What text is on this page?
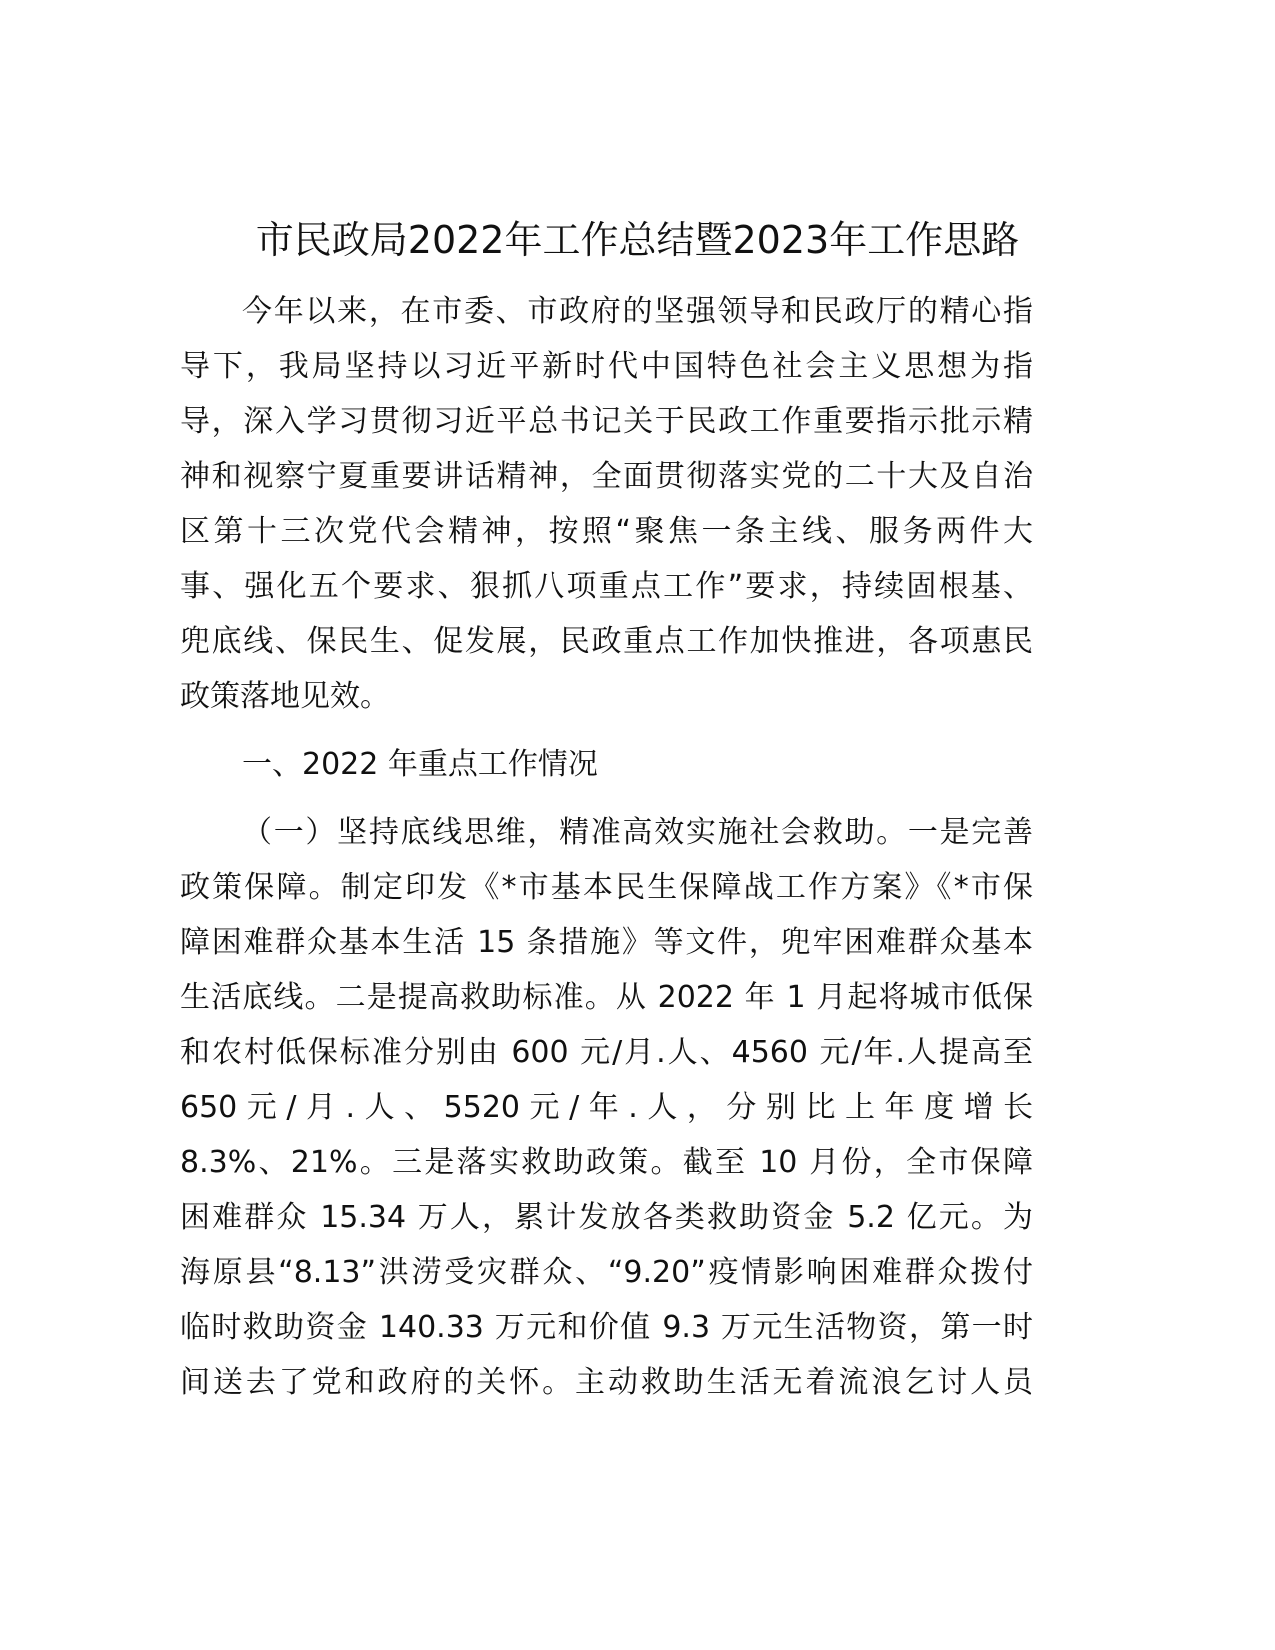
市民政局2022年工作总结暨2023年工作思路
今年以来，在市委、市政府的坚强领导和民政厅的精心指
导下，我局坚持以习近平新时代中国特色社会主义思想为指
导，深入学习贯彻习近平总书记关于民政工作重要指示批示精
神和视察宁夏重要讲话精神，全面贯彻落实党的二十大及自治
区第十三次党代会精神，按照“聚焦一条主线、服务两件大
事、强化五个要求、狠抓八项重点工作”要求，持续固根基、
兜底线、保民生、促发展，民政重点工作加快推进，各项惠民
政策落地见效。
一、2022 年重点工作情况
（一）坚持底线思维，精准高效实施社会救助。一是完善
政策保障。制定印发《*市基本民生保障战工作方案》《*市保
障困难群众基本生活 15 条措施》等文件，兜牢困难群众基本
生活底线。二是提高救助标准。从 2022 年 1 月起将城市低保
和农村低保标准分别由 600 元/月.人、4560 元/年.人提高至
650 元 / 月 . 人 、 5520 元 / 年 . 人 ， 分 别 比 上 年 度 增 长
8.3%、21%。三是落实救助政策。截至 10 月份，全市保障
困难群众 15.34 万人，累计发放各类救助资金 5.2 亿元。为
海原县“8.13”洪涝受灾群众、“9.20”疫情影响困难群众拨付
临时救助资金 140.33 万元和价值 9.3 万元生活物资，第一时
间送去了党和政府的关怀。主动救助生活无着流浪乞讨人员
